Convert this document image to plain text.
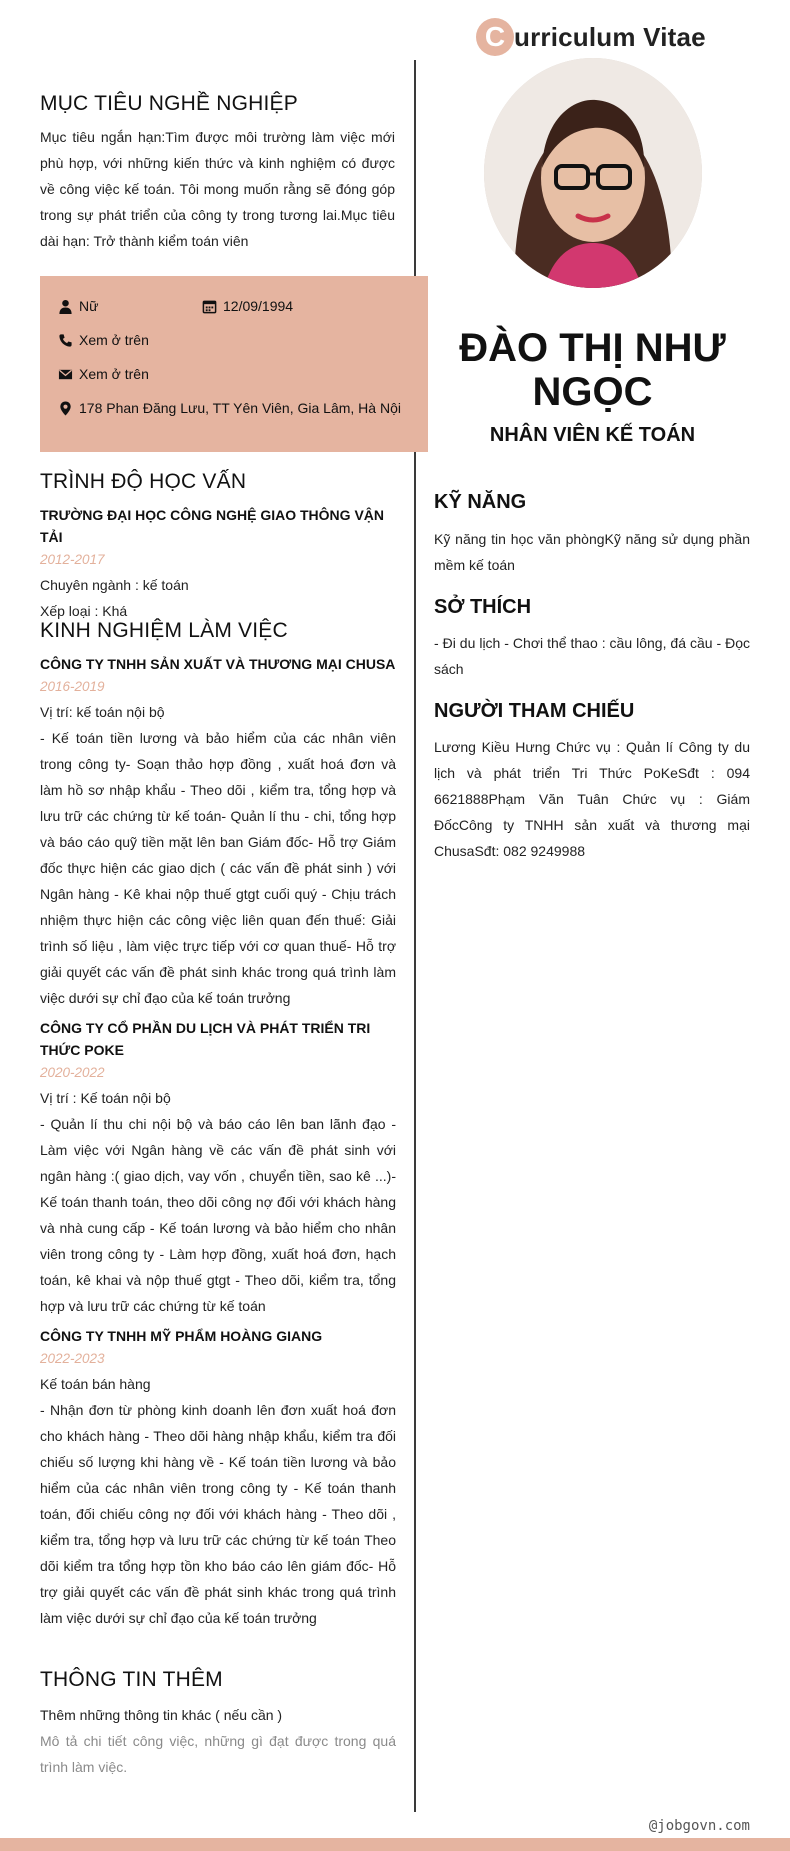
C urriculum Vitae
ĐÀO THỊ NHƯ NGỌC
NHÂN VIÊN KẾ TOÁN
MỤC TIÊU NGHỀ NGHIỆP
Mục tiêu ngắn hạn:Tìm được môi trường làm việc mới phù hợp, với những kiến thức và kinh nghiệm có được về công việc kế toán. Tôi mong muốn rằng sẽ đóng góp trong sự phát triển của công ty trong tương lai.Mục tiêu dài hạn: Trở thành kiểm toán viên
Nữ	12/09/1994
Xem ở trên
Xem ở trên
178 Phan Đăng Lưu, TT Yên Viên, Gia Lâm, Hà Nội
TRÌNH ĐỘ HỌC VẤN
TRƯỜNG ĐẠI HỌC CÔNG NGHỆ GIAO THÔNG VẬN TẢI
2012-2017
Chuyên ngành : kế toán
Xếp loại : Khá
KINH NGHIỆM LÀM VIỆC
CÔNG TY TNHH SẢN XUẤT VÀ THƯƠNG MẠI CHUSA
2016-2019
Vị trí: kế toán nội bộ
- Kế toán tiền lương và bảo hiểm của các nhân viên trong công ty- Soạn thảo hợp đồng , xuất hoá đơn và làm hồ sơ nhập khẩu - Theo dõi , kiểm tra, tổng hợp và lưu trữ các chứng từ kế toán- Quản lí thu - chi, tổng hợp và báo cáo quỹ tiền mặt lên ban Giám đốc- Hỗ trợ Giám đốc thực hiện các giao dịch ( các vấn đề phát sinh ) với Ngân hàng - Kê khai nộp thuế gtgt cuối quý - Chịu trách nhiệm thực hiện các công việc liên quan đến thuế: Giải trình số liệu , làm việc trực tiếp với cơ quan thuế- Hỗ trợ giải quyết các vấn đề phát sinh khác trong quá trình làm việc dưới sự chỉ đạo của kế toán trưởng
CÔNG TY CỔ PHẦN DU LỊCH VÀ PHÁT TRIỂN TRI THỨC POKE
2020-2022
Vị trí : Kế toán nội bộ
- Quản lí thu chi nội bộ và báo cáo lên ban lãnh đạo - Làm việc với Ngân hàng về các vấn đề phát sinh với ngân hàng :( giao dịch, vay vốn , chuyển tiền, sao kê ...)- Kế toán thanh toán, theo dõi công nợ đối với khách hàng và nhà cung cấp - Kế toán lương và bảo hiểm cho nhân viên trong công ty - Làm hợp đồng, xuất hoá đơn, hạch toán, kê khai và nộp thuế gtgt - Theo dõi, kiểm tra, tổng hợp và lưu trữ các chứng từ kế toán
CÔNG TY TNHH MỸ PHẨM HOÀNG GIANG
2022-2023
Kế toán bán hàng
- Nhận đơn từ phòng kinh doanh lên đơn xuất hoá đơn cho khách hàng - Theo dõi hàng nhập khẩu, kiểm tra đối chiếu số lượng khi hàng về - Kế toán tiền lương và bảo hiểm của các nhân viên trong công ty - Kế toán thanh toán, đối chiếu công nợ đối với khách hàng - Theo dõi , kiểm tra, tổng hợp và lưu trữ các chứng từ kế toán Theo dõi kiểm tra tổng hợp tồn kho báo cáo lên giám đốc- Hỗ trợ giải quyết các vấn đề phát sinh khác trong quá trình làm việc dưới sự chỉ đạo của kế toán trưởng
THÔNG TIN THÊM
Thêm những thông tin khác ( nếu cần )
Mô tả chi tiết công việc, những gì đạt được trong quá trình làm việc.
KỸ NĂNG
Kỹ năng tin học văn phòngKỹ năng sử dụng phần mềm kế toán
SỞ THÍCH
- Đi du lịch - Chơi thể thao : cầu lông, đá cầu - Đọc sách
NGƯỜI THAM CHIẾU
Lương Kiều Hưng Chức vụ : Quản lí Công ty du lịch và phát triển Tri Thức PoKeSđt : 094 6621888Phạm Văn Tuân Chức vụ : Giám ĐốcCông ty TNHH sản xuất và thương mại ChusaSđt: 082 9249988
@jobgovn.com
